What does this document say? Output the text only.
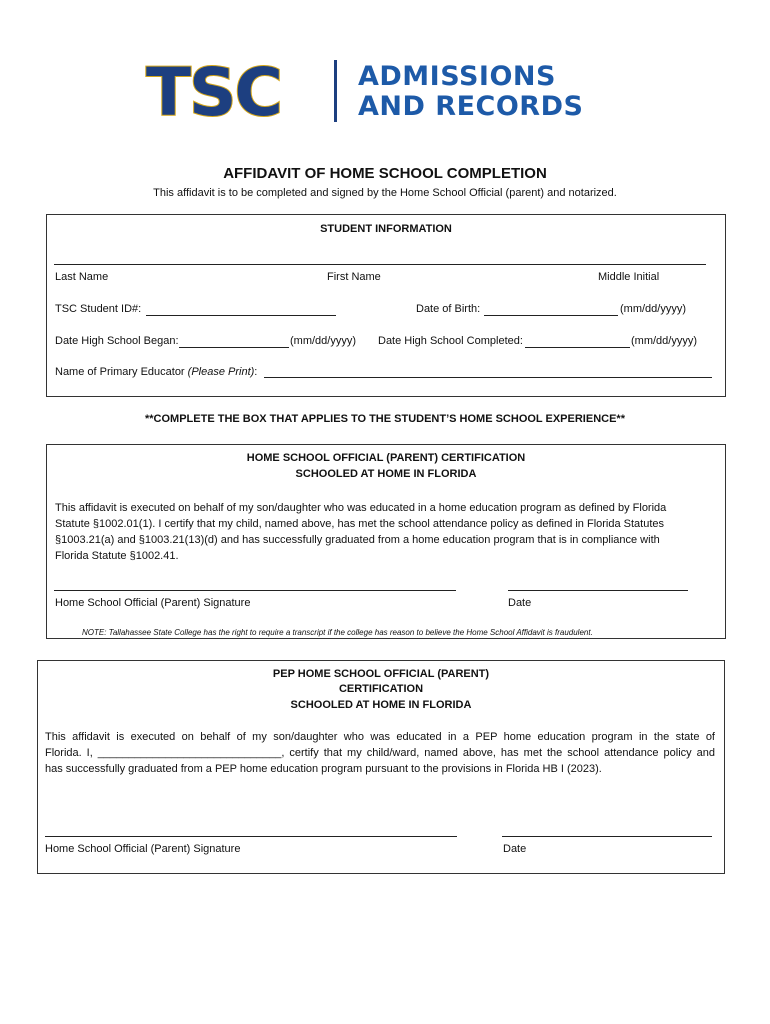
TSC	ADMISSIONS
AND RECORDS
AFFIDAVIT OF HOME SCHOOL COMPLETION
This affidavit is to be completed and signed by the Home School Official (parent) and notarized.
STUDENT INFORMATION
Last Name	First Name	Middle Initial
TSC Student ID#:	Date of Birth:	(mm/dd/yyyy)
Date High School Began:	(mm/dd/yyyy) Date High School Completed:	(mm/dd/yyyy)
Name of Primary Educator (Please Print):
**COMPLETE THE BOX THAT APPLIES TO THE STUDENT’S HOME SCHOOL EXPERIENCE**
HOME SCHOOL OFFICIAL (PARENT) CERTIFICATION
SCHOOLED AT HOME IN FLORIDA
This affidavit is executed on behalf of my son/daughter who was educated in a home education program as defined by Florida
Statute §1002.01(1). I certify that my child, named above, has met the school attendance policy as defined in Florida Statutes
§1003.21(a) and §1003.21(13)(d) and has successfully graduated from a home education program that is in compliance with
Florida Statute §1002.41.
Home School Official (Parent) Signature	Date
NOTE: Tallahassee State College has the right to require a transcript if the college has reason to believe the Home School Affidavit is fraudulent.
PEP HOME SCHOOL OFFICIAL (PARENT)
CERTIFICATION
SCHOOLED AT HOME IN FLORIDA
This affidavit is executed on behalf of my son/daughter who was educated in a PEP home education program in the state of
Florida. I, ______________________________, certify that my child/ward, named above, has met the school attendance policy and
has successfully graduated from a PEP home education program pursuant to the provisions in Florida HB I (2023).
Home School Official (Parent) Signature	Date
